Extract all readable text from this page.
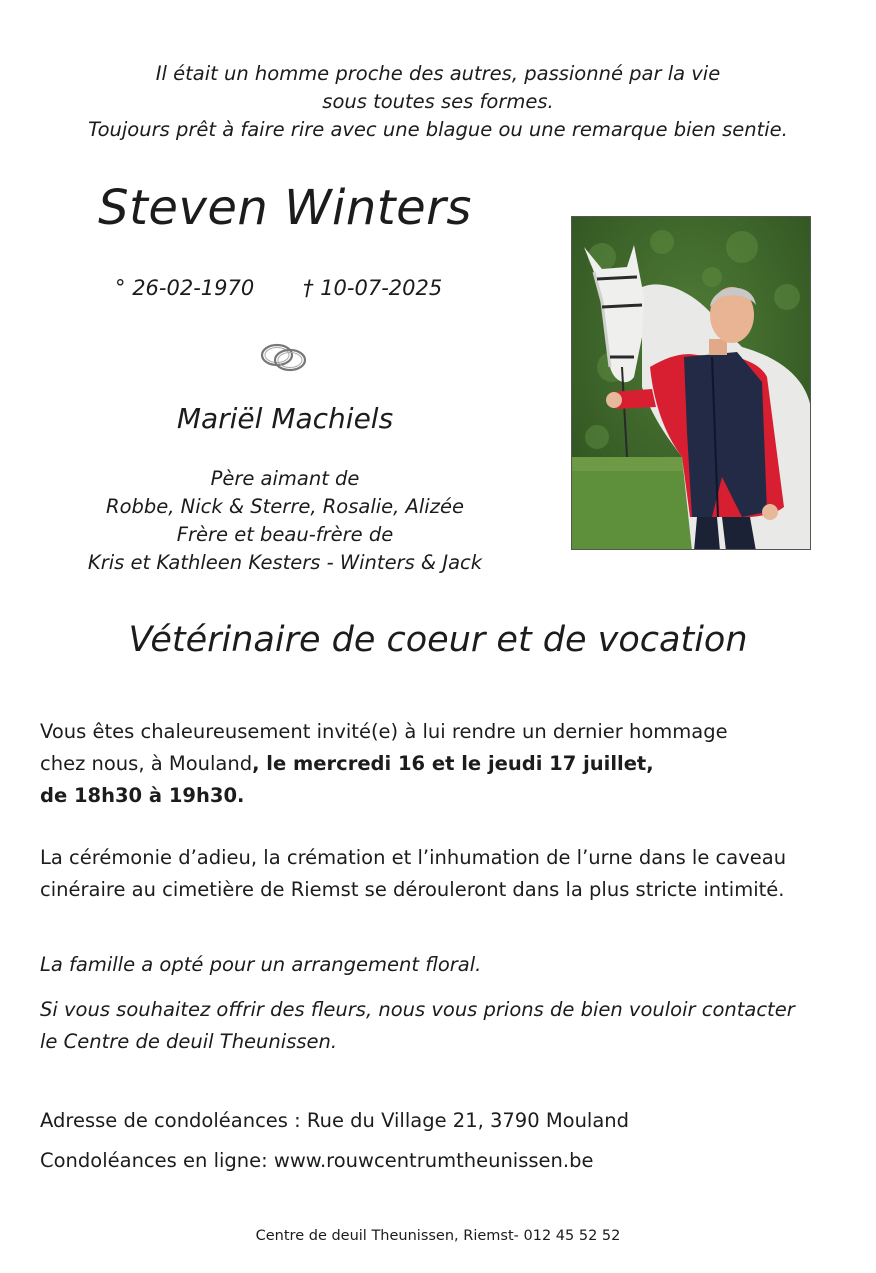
Il était un homme proche des autres, passionné par la vie
sous toutes ses formes.
Toujours prêt à faire rire avec une blague ou une remarque bien sentie.
Steven Winters
° 26-02-1970 † 10-07-2025
Mariël Machiels
Père aimant de
Robbe, Nick & Sterre, Rosalie, Alizée
Frère et beau-frère de
Kris et Kathleen Kesters - Winters & Jack
Vétérinaire de coeur et de vocation
Vous êtes chaleureusement invité(e) à lui rendre un dernier hommage
chez nous, à Mouland, le mercredi 16 et le jeudi 17 juillet,
de 18h30 à 19h30.
La cérémonie d’adieu, la crémation et l’inhumation de l’urne dans le caveau
cinéraire au cimetière de Riemst se dérouleront dans la plus stricte intimité.
La famille a opté pour un arrangement floral.
Si vous souhaitez offrir des fleurs, nous vous prions de bien vouloir contacter
le Centre de deuil Theunissen.
Adresse de condoléances : Rue du Village 21, 3790 Mouland
Condoléances en ligne: www.rouwcentrumtheunissen.be
Centre de deuil Theunissen, Riemst- 012 45 52 52
